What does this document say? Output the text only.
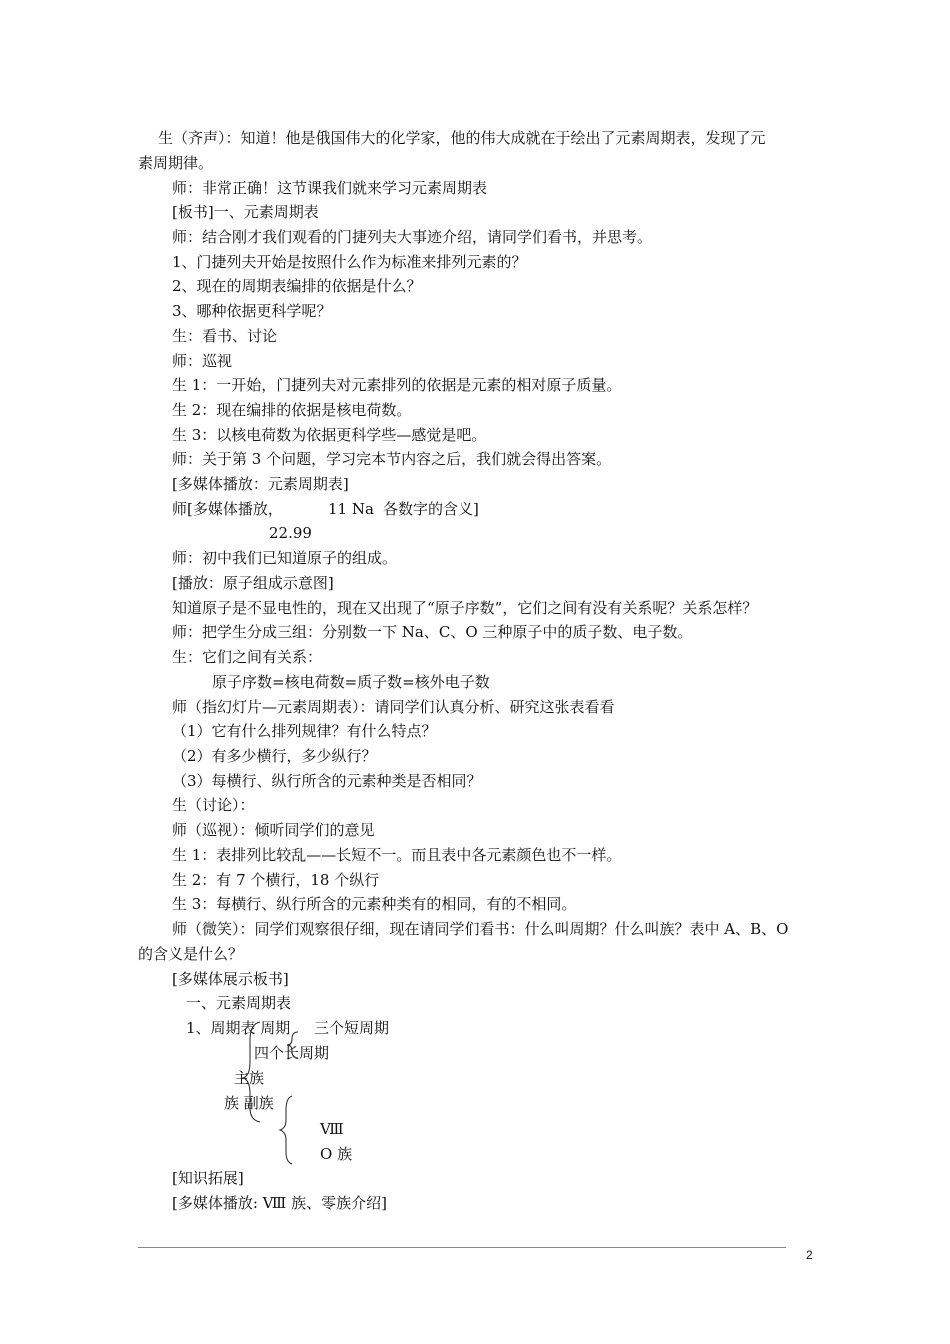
生（齐声）：知道！他是俄国伟大的化学家，他的伟大成就在于绘出了元素周期表，发现了元
素周期律。
师：非常正确！这节课我们就来学习元素周期表
[板书]一、元素周期表
师：结合刚才我们观看的门捷列夫大事迹介绍，请同学们看书，并思考。
1、门捷列夫开始是按照什么作为标准来排列元素的？
2、现在的周期表编排的依据是什么？
3、哪种依据更科学呢？
生：看书、讨论
师：巡视
生 1：一开始，门捷列夫对元素排列的依据是元素的相对原子质量。
生 2：现在编排的依据是核电荷数。
生 3：以核电荷数为依据更科学些—感觉是吧。
师：关于第 3 个问题，学习完本节内容之后，我们就会得出答案。
[多媒体播放：元素周期表]
师[多媒体播放，	11 Na 各数字的含义]
22.99
师：初中我们已知道原子的组成。
[播放：原子组成示意图]
知道原子是不显电性的，现在又出现了“原子序数”，它们之间有没有关系呢？关系怎样？
师：把学生分成三组：分别数一下 Na、C、O 三种原子中的质子数、电子数。
生：它们之间有关系：
原子序数=核电荷数=质子数=核外电子数
师（指幻灯片—元素周期表）：请同学们认真分析、研究这张表看看
（1）它有什么排列规律？有什么特点？
（2）有多少横行，多少纵行？
（3）每横行、纵行所含的元素种类是否相同？
生（讨论）：
师（巡视）：倾听同学们的意见
生 1：表排列比较乱——长短不一。而且表中各元素颜色也不一样。
生 2：有 7 个横行，18 个纵行
生 3：每横行、纵行所含的元素种类有的相同，有的不相同。
师（微笑）：同学们观察很仔细，现在请同学们看书：什么叫周期？什么叫族？表中 A、B、O
的含义是什么？
[多媒体展示板书]
一、元素周期表
1、周期表 周期 三个短周期
四个长周期
主族
族 副族
Ⅷ
O 族
[知识拓展]
[多媒体播放: Ⅷ 族、零族介绍]
2
